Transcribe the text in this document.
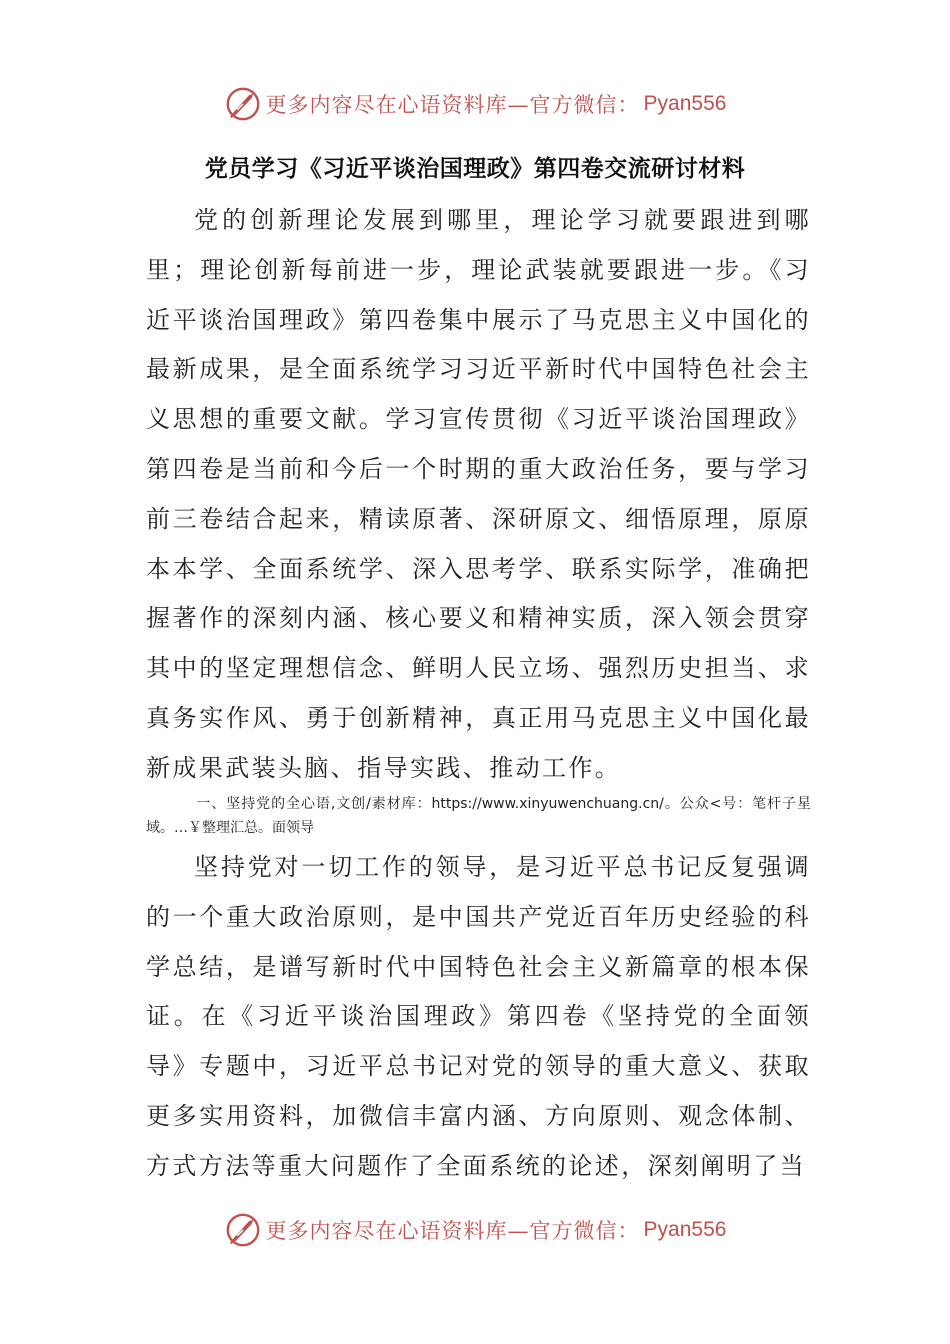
更多内容尽在心语资料库—官方微信： Pyan556
党员学习《习近平谈治国理政》第四卷交流研讨材料

党的创新理论发展到哪里，理论学习就要跟进到哪里；理论创新每前进一步，理论武装就要跟进一步。《习近平谈治国理政》第四卷集中展示了马克思主义中国化的最新成果，是全面系统学习习近平新时代中国特色社会主义思想的重要文献。学习宣传贯彻《习近平谈治国理政》第四卷是当前和今后一个时期的重大政治任务，要与学习前三卷结合起来，精读原著、深研原文、细悟原理，原原本本学、全面系统学、深入思考学、联系实际学，准确把握著作的深刻内涵、核心要义和精神实质，深入领会贯穿其中的坚定理想信念、鲜明人民立场、强烈历史担当、求真务实作风、勇于创新精神，真正用马克思主义中国化最新成果武装头脑、指导实践、推动工作。

一、坚持党的全心语,文创/素材库：https://www.xinyuwenchuang.cn/。公众<号：笔杆子星域。…￥整理汇总。面领导

坚持党对一切工作的领导，是习近平总书记反复强调的一个重大政治原则，是中国共产党近百年历史经验的科学总结，是谱写新时代中国特色社会主义新篇章的根本保证。在《习近平谈治国理政》第四卷《坚持党的全面领导》专题中，习近平总书记对党的领导的重大意义、获取更多实用资料，加微信丰富内涵、方向原则、观念体制、方式方法等重大问题作了全面系统的论述，深刻阐明了当

更多内容尽在心语资料库—官方微信： Pyan556
